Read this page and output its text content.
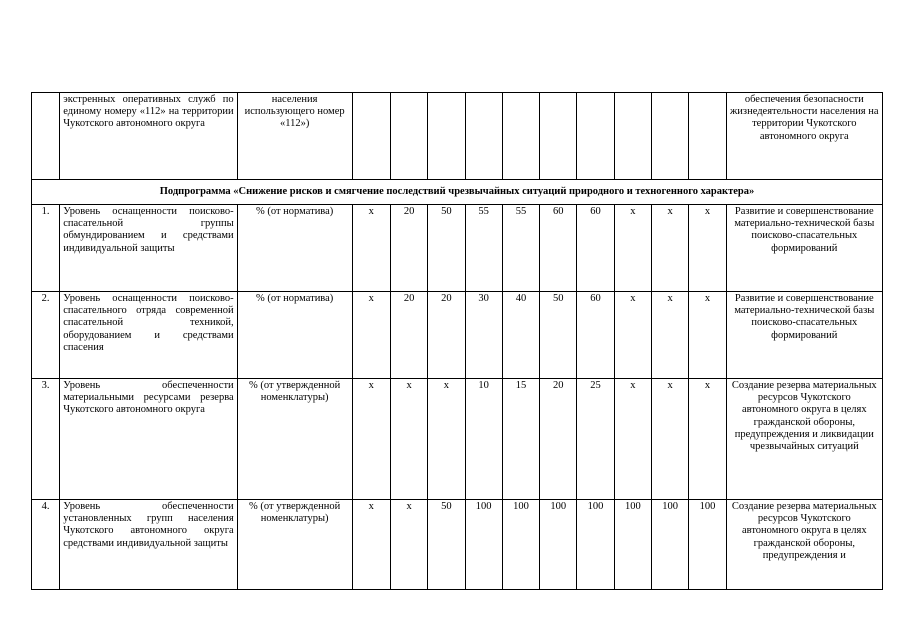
	экстренных оперативных служб по единому номеру «112» на территории Чукотского автономного округа	населения использующего номер «112»)											обеспечения безопасности жизнедеятельности населения на территории Чукотского автономного округа
Подпрограмма «Снижение рисков и смягчение последствий чрезвычайных ситуаций природного и техногенного характера»													
1.	Уровень оснащенности поисково-спасательной группы обмундированием и средствами индивидуальной защиты	% (от норматива)	х	20	50	55	55	60	60	х	х	х	Развитие и совершенствование материально-технической базы поисково-спасательных формирований
2.	Уровень оснащенности поисково-спасательного отряда современной спасательной техникой, оборудованием и средствами спасения	% (от норматива)	х	20	20	30	40	50	60	х	х	х	Развитие и совершенствование материально-технической базы поисково-спасательных формирований
3.	Уровень обеспеченности материальными ресурсами резерва Чукотского автономного округа	% (от утвержденной номенклатуры)	х	х	х	10	15	20	25	х	х	х	Создание резерва материальных ресурсов Чукотского автономного округа в целях гражданской обороны, предупреждения и ликвидации чрезвычайных ситуаций
4.	Уровень обеспеченности установленных групп населения Чукотского автономного округа средствами индивидуальной защиты	% (от утвержденной номенклатуры)	х	х	50	100	100	100	100	100	100	100	Создание резерва материальных ресурсов Чукотского автономного округа в целях гражданской обороны, предупреждения и
